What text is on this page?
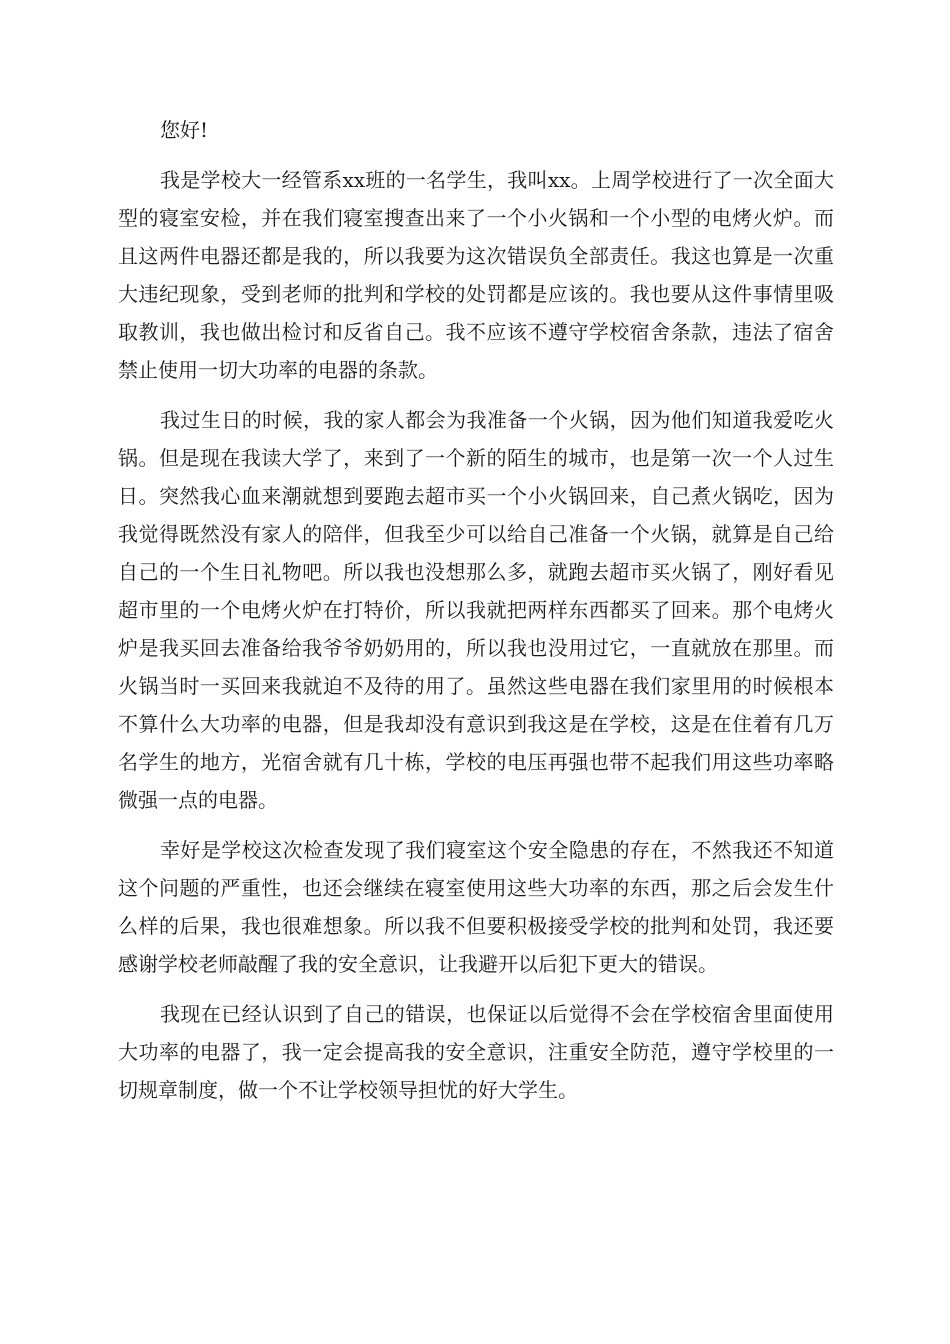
您好!

我是学校大一经管系xx班的一名学生，我叫xx。上周学校进行了一次全面大型的寝室安检，并在我们寝室搜查出来了一个小火锅和一个小型的电烤火炉。而且这两件电器还都是我的，所以我要为这次错误负全部责任。我这也算是一次重大违纪现象，受到老师的批判和学校的处罚都是应该的。我也要从这件事情里吸取教训，我也做出检讨和反省自己。我不应该不遵守学校宿舍条款，违法了宿舍禁止使用一切大功率的电器的条款。

我过生日的时候，我的家人都会为我准备一个火锅，因为他们知道我爱吃火锅。但是现在我读大学了，来到了一个新的陌生的城市，也是第一次一个人过生日。突然我心血来潮就想到要跑去超市买一个小火锅回来，自己煮火锅吃，因为我觉得既然没有家人的陪伴，但我至少可以给自己准备一个火锅，就算是自己给自己的一个生日礼物吧。所以我也没想那么多，就跑去超市买火锅了，刚好看见超市里的一个电烤火炉在打特价，所以我就把两样东西都买了回来。那个电烤火炉是我买回去准备给我爷爷奶奶用的，所以我也没用过它，一直就放在那里。而火锅当时一买回来我就迫不及待的用了。虽然这些电器在我们家里用的时候根本不算什么大功率的电器，但是我却没有意识到我这是在学校，这是在住着有几万名学生的地方，光宿舍就有几十栋，学校的电压再强也带不起我们用这些功率略微强一点的电器。

幸好是学校这次检查发现了我们寝室这个安全隐患的存在，不然我还不知道这个问题的严重性，也还会继续在寝室使用这些大功率的东西，那之后会发生什么样的后果，我也很难想象。所以我不但要积极接受学校的批判和处罚，我还要感谢学校老师敲醒了我的安全意识，让我避开以后犯下更大的错误。

我现在已经认识到了自己的错误，也保证以后觉得不会在学校宿舍里面使用大功率的电器了，我一定会提高我的安全意识，注重安全防范，遵守学校里的一切规章制度，做一个不让学校领导担忧的好大学生。
